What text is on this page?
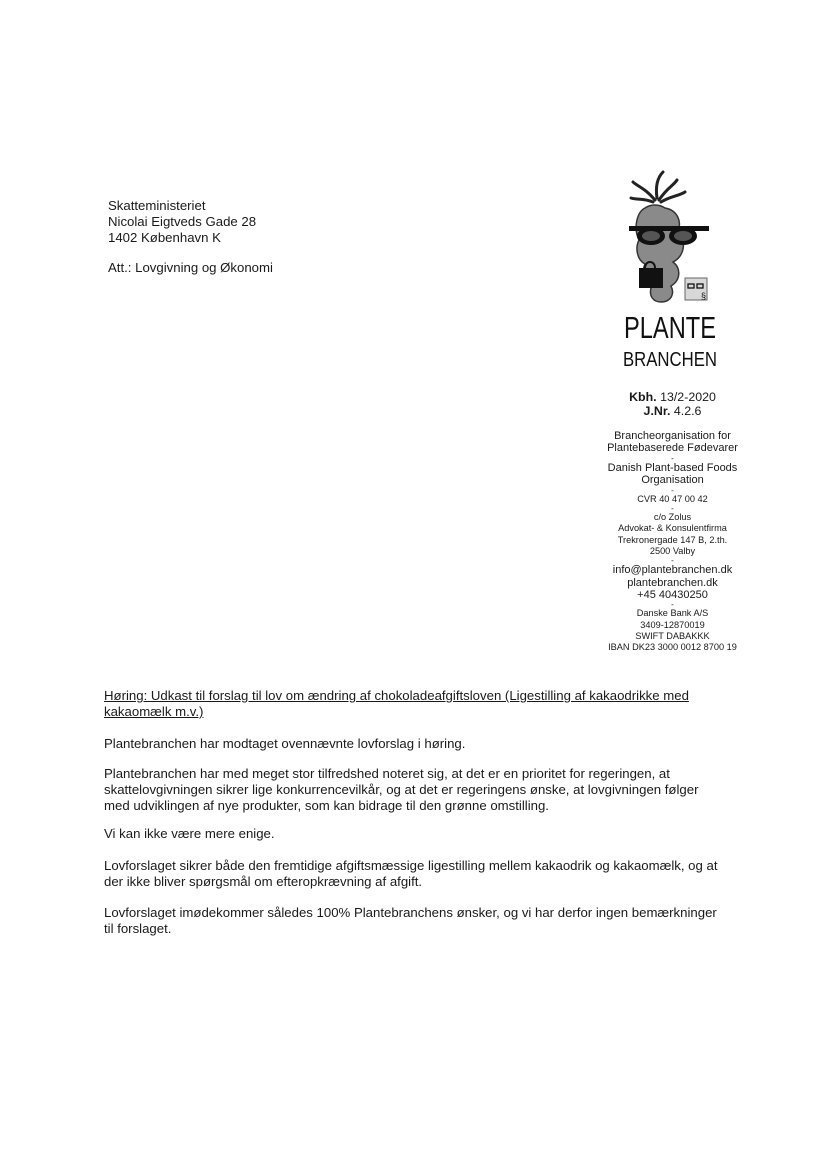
Skatteministeriet
Nicolai Eigtveds Gade 28
1402 København K
Att.: Lovgivning og Økonomi
§
PLANTE
BRANCHEN
Kbh. 13/2-2020
J.Nr. 4.2.6
Brancheorganisation for
Plantebaserede Fødevarer
-
Danish Plant-based Foods
Organisation
-
CVR 40 47 00 42
-
c/o Zolus
Advokat- & Konsulentfirma
Trekronergade 147 B, 2.th.
2500 Valby
-
info@plantebranchen.dk
plantebranchen.dk
+45 40430250
-
Danske Bank A/S
3409-12870019
SWIFT DABAKKK
IBAN DK23 3000 0012 8700 19
Høring: Udkast til forslag til lov om ændring af chokoladeafgiftsloven (Ligestilling af kakaodrikke med kakaomælk m.v.)
Plantebranchen har modtaget ovennævnte lovforslag i høring.
Plantebranchen har med meget stor tilfredshed noteret sig, at det er en prioritet for regeringen, at skattelovgivningen sikrer lige konkurrencevilkår, og at det er regeringens ønske, at lovgivningen følger med udviklingen af nye produkter, som kan bidrage til den grønne omstilling.
Vi kan ikke være mere enige.
Lovforslaget sikrer både den fremtidige afgiftsmæssige ligestilling mellem kakaodrik og kakaomælk, og at der ikke bliver spørgsmål om efteropkrævning af afgift.
Lovforslaget imødekommer således 100% Plantebranchens ønsker, og vi har derfor ingen bemærkninger til forslaget.
